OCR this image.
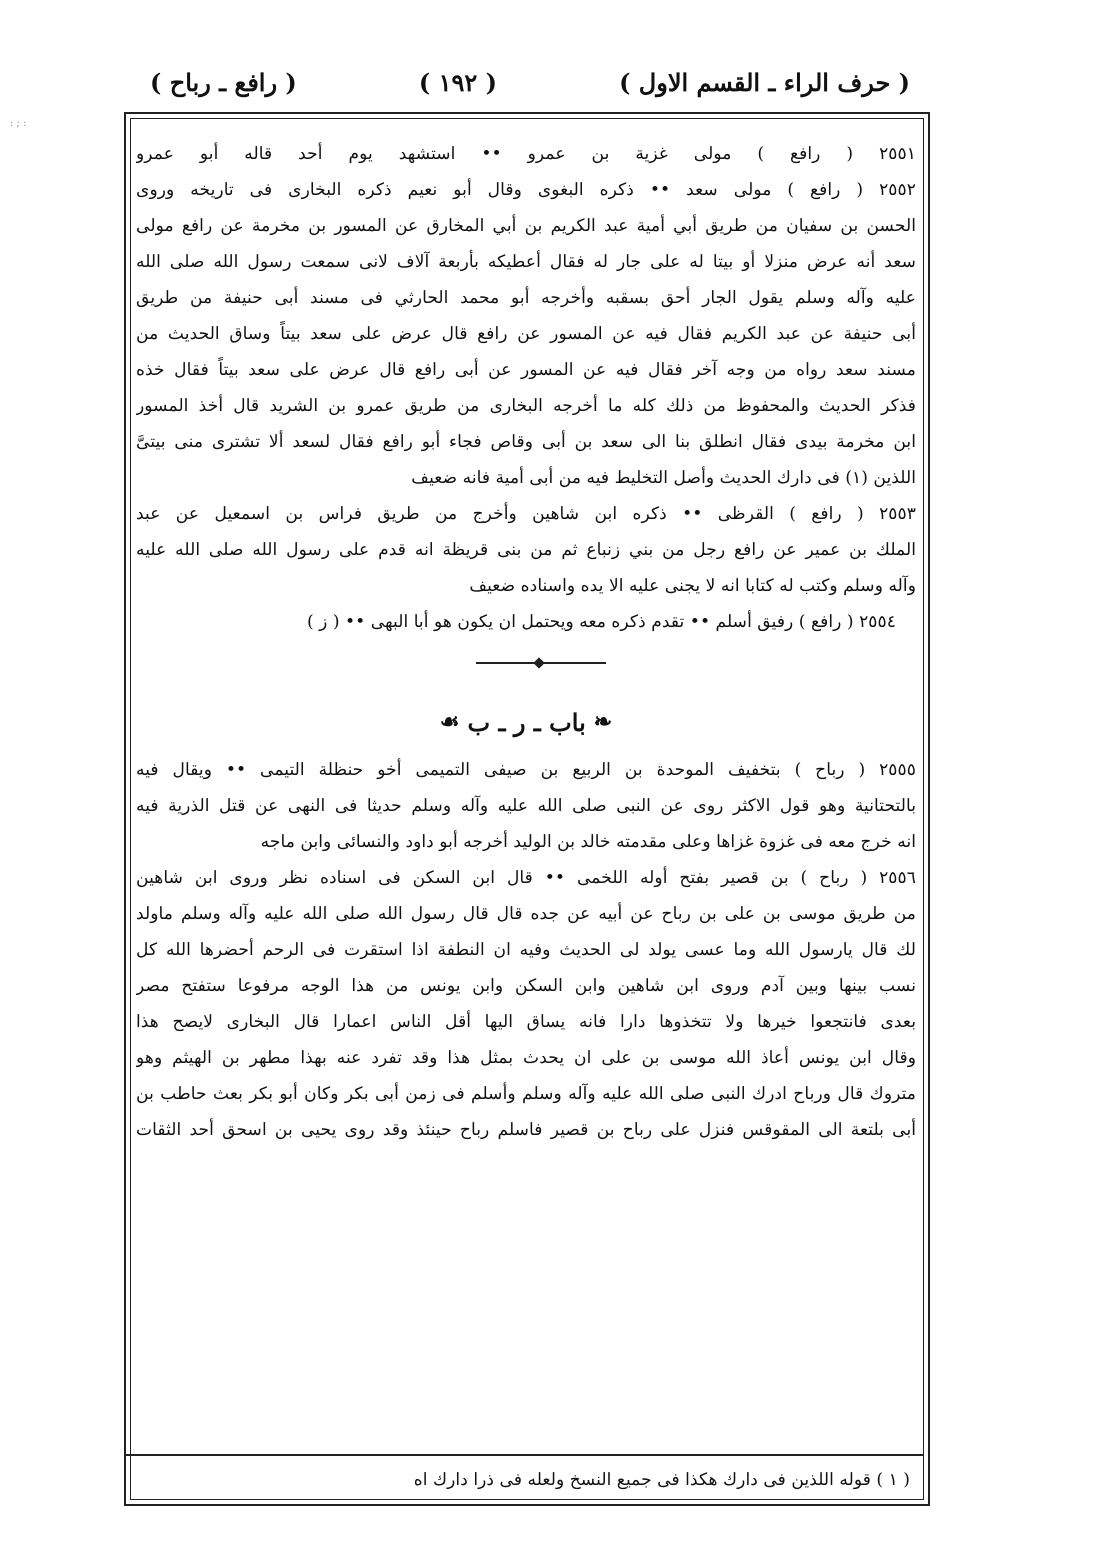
: ; :
( حرف الراء ـ القسم الاول )
( ١٩٢ )
( رافع ـ رباح )
٢٥٥١ ( رافع ) مولى غزية بن عمرو •• استشهد يوم أحد قاله أبو عمرو
٢٥٥٢ ( رافع ) مولى سعد •• ذكره البغوى وقال أبو نعيم ذكره البخارى فى تاريخه وروى
الحسن بن سفيان من طريق أبي أمية عبد الكريم بن أبي المخارق عن المسور بن مخرمة عن رافع مولى
سعد أنه عرض منزلا أو بيتا له على جار له فقال أعطيكه بأربعة آلاف لانى سمعت رسول الله صلى الله
عليه وآله وسلم يقول الجار أحق بسقبه وأخرجه أبو محمد الحارثي فى مسند أبى حنيفة من طريق
أبى حنيفة عن عبد الكريم فقال فيه عن المسور عن رافع قال عرض على سعد بيتاً وساق الحديث من
مسند سعد رواه من وجه آخر فقال فيه عن المسور عن أبى رافع قال عرض على سعد بيتاً فقال خذه
فذكر الحديث والمحفوظ من ذلك كله ما أخرجه البخارى من طريق عمرو بن الشريد قال أخذ المسور
ابن مخرمة بيدى فقال انطلق بنا الى سعد بن أبى وقاص فجاء أبو رافع فقال لسعد ألا تشترى منى بيتىَّ
اللذين (١) فى دارك الحديث وأصل التخليط فيه من أبى أمية فانه ضعيف
٢٥٥٣ ( رافع ) القرظى •• ذكره ابن شاهين وأخرج من طريق فراس بن اسمعيل عن عبد
الملك بن عمير عن رافع رجل من بني زنباع ثم من بنى قريظة انه قدم على رسول الله صلى الله عليه
وآله وسلم وكتب له كتابا انه لا يجنى عليه الا يده واسناده ضعيف
٢٥٥٤ ( رافع ) رفيق أسلم •• تقدم ذكره معه ويحتمل ان يكون هو أبا البهى •• ( ز )
❧
باب ـ ر ـ ب
☙
٢٥٥٥ ( رباح ) بتخفيف الموحدة بن الربيع بن صيفى التميمى أخو حنظلة التيمى •• ويقال فيه
بالتحتانية وهو قول الاكثر روى عن النبى صلى الله عليه وآله وسلم حديثا فى النهى عن قتل الذرية فيه
انه خرج معه فى غزوة غزاها وعلى مقدمته خالد بن الوليد أخرجه أبو داود والنسائى وابن ماجه
٢٥٥٦ ( رباح ) بن قصير بفتح أوله اللخمى •• قال ابن السكن فى اسناده نظر وروى ابن شاهين
من طريق موسى بن على بن رباح عن أبيه عن جده قال قال رسول الله صلى الله عليه وآله وسلم ماولد
لك قال يارسول الله وما عسى يولد لى الحديث وفيه ان النطفة اذا استقرت فى الرحم أحضرها الله كل
نسب بينها وبين آدم وروى ابن شاهين وابن السكن وابن يونس من هذا الوجه مرفوعا ستفتح مصر
بعدى فانتجعوا خيرها ولا تتخذوها دارا فانه يساق اليها أقل الناس اعمارا قال البخارى لايصح هذا
وقال ابن يونس أعاذ الله موسى بن على ان يحدث بمثل هذا وقد تفرد عنه بهذا مطهر بن الهيثم وهو
متروك قال ورباح ادرك النبى صلى الله عليه وآله وسلم وأسلم فى زمن أبى بكر وكان أبو بكر بعث حاطب بن
أبى بلتعة الى المقوقس فنزل على رباح بن قصير فاسلم رباح حينئذ وقد روى يحيى بن اسحق أحد الثقات
( ١ ) قوله اللذين فى دارك هكذا فى جميع النسخ ولعله فى ذرا دارك اه
